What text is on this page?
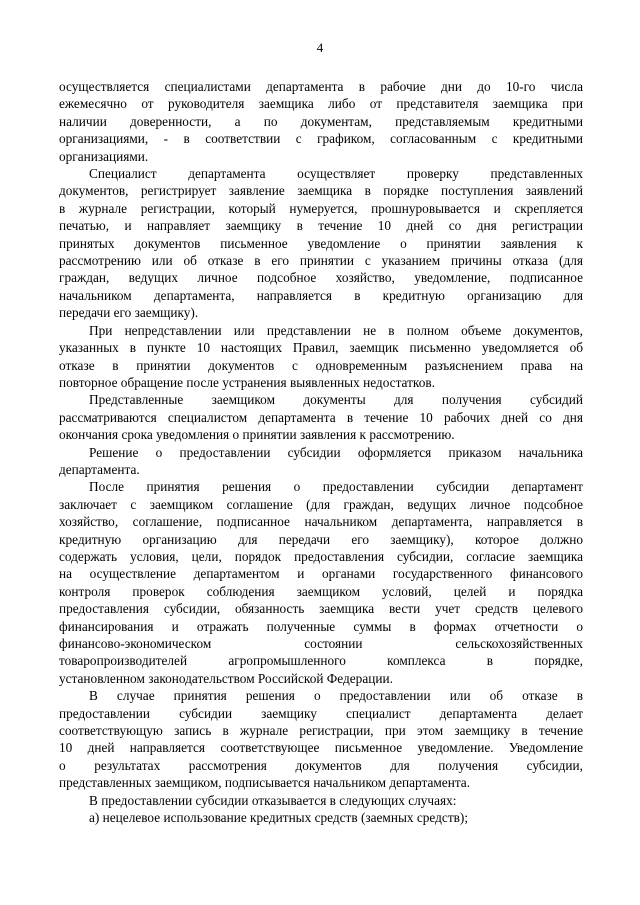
4
осуществляется специалистами департамента в рабочие дни до 10-го числа
ежемесячно от руководителя заемщика либо от представителя заемщика при
наличии доверенности, а по документам, представляемым кредитными
организациями, - в соответствии с графиком, согласованным с кредитными
организациями.
Специалист департамента осуществляет проверку представленных
документов, регистрирует заявление заемщика в порядке поступления заявлений
в журнале регистрации, который нумеруется, прошнуровывается и скрепляется
печатью, и направляет заемщику в течение 10 дней со дня регистрации
принятых документов письменное уведомление о принятии заявления к
рассмотрению или об отказе в его принятии с указанием причины отказа (для
граждан, ведущих личное подсобное хозяйство, уведомление, подписанное
начальником департамента, направляется в кредитную организацию для
передачи его заемщику).
При непредставлении или представлении не в полном объеме документов,
указанных в пункте 10 настоящих Правил, заемщик письменно уведомляется об
отказе в принятии документов с одновременным разъяснением права на
повторное обращение после устранения выявленных недостатков.
Представленные заемщиком документы для получения субсидий
рассматриваются специалистом департамента в течение 10 рабочих дней со дня
окончания срока уведомления о принятии заявления к рассмотрению.
Решение о предоставлении субсидии оформляется приказом начальника
департамента.
После принятия решения о предоставлении субсидии департамент
заключает с заемщиком соглашение (для граждан, ведущих личное подсобное
хозяйство, соглашение, подписанное начальником департамента, направляется в
кредитную организацию для передачи его заемщику), которое должно
содержать условия, цели, порядок предоставления субсидии, согласие заемщика
на осуществление департаментом и органами государственного финансового
контроля проверок соблюдения заемщиком условий, целей и порядка
предоставления субсидии, обязанность заемщика вести учет средств целевого
финансирования и отражать полученные суммы в формах отчетности о
финансово-экономическом состоянии сельскохозяйственных
товаропроизводителей агропромышленного комплекса в порядке,
установленном законодательством Российской Федерации.
В случае принятия решения о предоставлении или об отказе в
предоставлении субсидии заемщику специалист департамента делает
соответствующую запись в журнале регистрации, при этом заемщику в течение
10 дней направляется соответствующее письменное уведомление. Уведомление
о результатах рассмотрения документов для получения субсидии,
представленных заемщиком, подписывается начальником департамента.
В предоставлении субсидии отказывается в следующих случаях:
а) нецелевое использование кредитных средств (заемных средств);
